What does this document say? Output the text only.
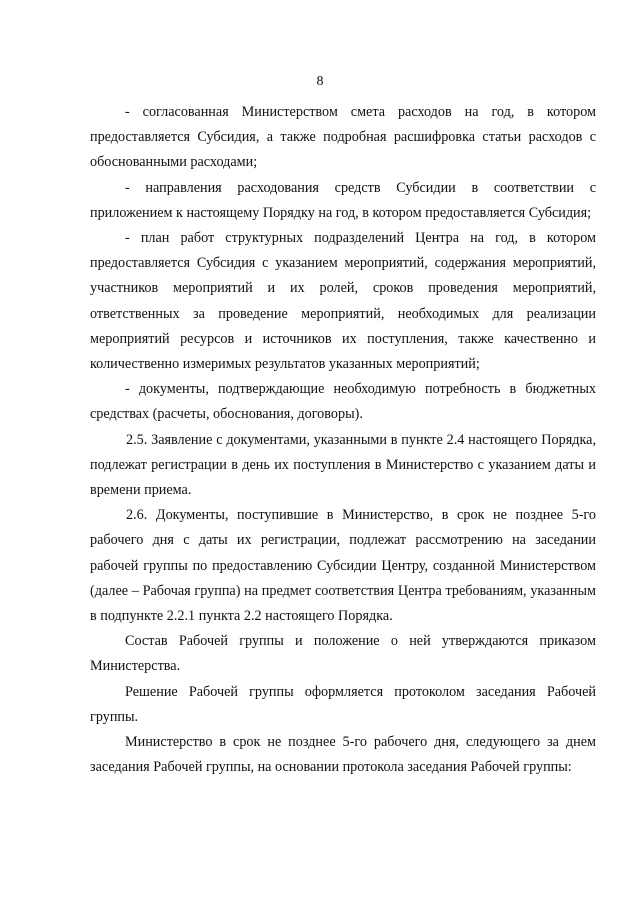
8

- согласованная Министерством смета расходов на год, в котором предоставляется Субсидия, а также подробная расшифровка статьи расходов с обоснованными расходами;

- направления расходования средств Субсидии в соответствии с приложением к настоящему Порядку на год, в котором предоставляется Субсидия;

- план работ структурных подразделений Центра на год, в котором предоставляется Субсидия с указанием мероприятий, содержания мероприятий, участников мероприятий и их ролей, сроков проведения мероприятий, ответственных за проведение мероприятий, необходимых для реализации мероприятий ресурсов и источников их поступления, также качественно и количественно измеримых результатов указанных мероприятий;

- документы, подтверждающие необходимую потребность в бюджетных средствах (расчеты, обоснования, договоры).

2.5. Заявление с документами, указанными в пункте 2.4 настоящего Порядка, подлежат регистрации в день их поступления в Министерство с указанием даты и времени приема.

2.6. Документы, поступившие в Министерство, в срок не позднее 5-го рабочего дня с даты их регистрации, подлежат рассмотрению на заседании рабочей группы по предоставлению Субсидии Центру, созданной Министерством (далее – Рабочая группа) на предмет соответствия Центра требованиям, указанным в подпункте 2.2.1 пункта 2.2 настоящего Порядка.

Состав Рабочей группы и положение о ней утверждаются приказом Министерства.

Решение Рабочей группы оформляется протоколом заседания Рабочей группы.

Министерство в срок не позднее 5-го рабочего дня, следующего за днем заседания Рабочей группы, на основании протокола заседания Рабочей группы:
